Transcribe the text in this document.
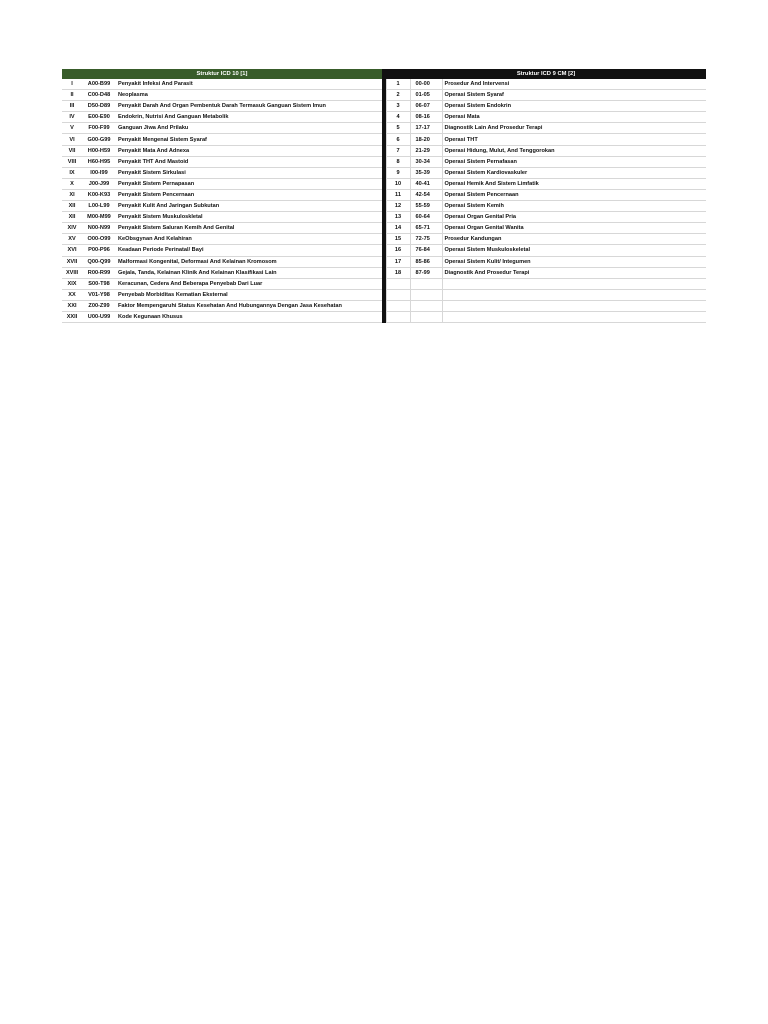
Struktur ICD 10 [1]				Struktur ICD 9 CM [2]		
I	A00-B99	Penyakit Infeksi And Parasit		1	00-00	Prosedur And Intervensi
II	C00-D48	Neoplasma		2	01-05	Operasi Sistem Syaraf
III	D50-D89	Penyakit Darah And Organ Pembentuk Darah Termasuk Ganguan Sistem Imun		3	06-07	Operasi Sistem Endokrin
IV	E00-E90	Endokrin, Nutrisi And Ganguan Metabolik		4	08-16	Operasi Mata
V	F00-F99	Ganguan Jiwa And Prilaku		5	17-17	Diagnostik Lain And Prosedur Terapi
VI	G00-G99	Penyakit Mengenai Sistem Syaraf		6	18-20	Operasi THT
VII	H00-H59	Penyakit Mata And Adnexa		7	21-29	Operasi Hidung, Mulut, And Tenggorokan
VIII	H60-H95	Penyakit THT And Mastoid		8	30-34	Operasi Sistem Pernafasan
IX	I00-I99	Penyakit Sistem Sirkulasi		9	35-39	Operasi Sistem Kardiovaskuler
X	J00-J99	Penyakit Sistem Pernapasan		10	40-41	Operasi Hemik And Sistem Limfatik
XI	K00-K93	Penyakit Sistem Pencernaan		11	42-54	Operasi Sistem Pencernaan
XII	L00-L99	Penyakit Kulit And Jaringan Subkutan		12	55-59	Operasi Sistem Kemih
XII	M00-M99	Penyakit Sistem Muskuloskletal		13	60-64	Operasi Organ Genital Pria
XIV	N00-N99	Penyakit Sistem Saluran Kemih And Genital		14	65-71	Operasi Organ Genital Wanita
XV	O00-O99	KeObsgynan And Kelahiran		15	72-75	Prosedur Kandungan
XVI	P00-P96	Keadaan Periode Perinatal/ Bayi		16	76-84	Operasi Sistem Muskuloskeletal
XVII	Q00-Q99	Malformasi Kongenital, Deformasi And Kelainan Kromosom		17	85-86	Operasi Sistem Kulit/ Integumen
XVIII	R00-R99	Gejala, Tanda, Kelainan Klinik And Kelainan Klasifikasi Lain		18	87-99	Diagnostik And Prosedur Terapi
XIX	S00-T98	Keracunan, Cedera And Beberapa Penyebab Dari Luar				
XX	V01-Y98	Penyebab Morbiditas Kematian Eksternal				
XXI	Z00-Z99	Faktor Mempengaruhi Status Kesehatan And Hubungannya Dengan Jasa Kesehatan				
XXII	U00-U99	Kode Kegunaan Khusus				
